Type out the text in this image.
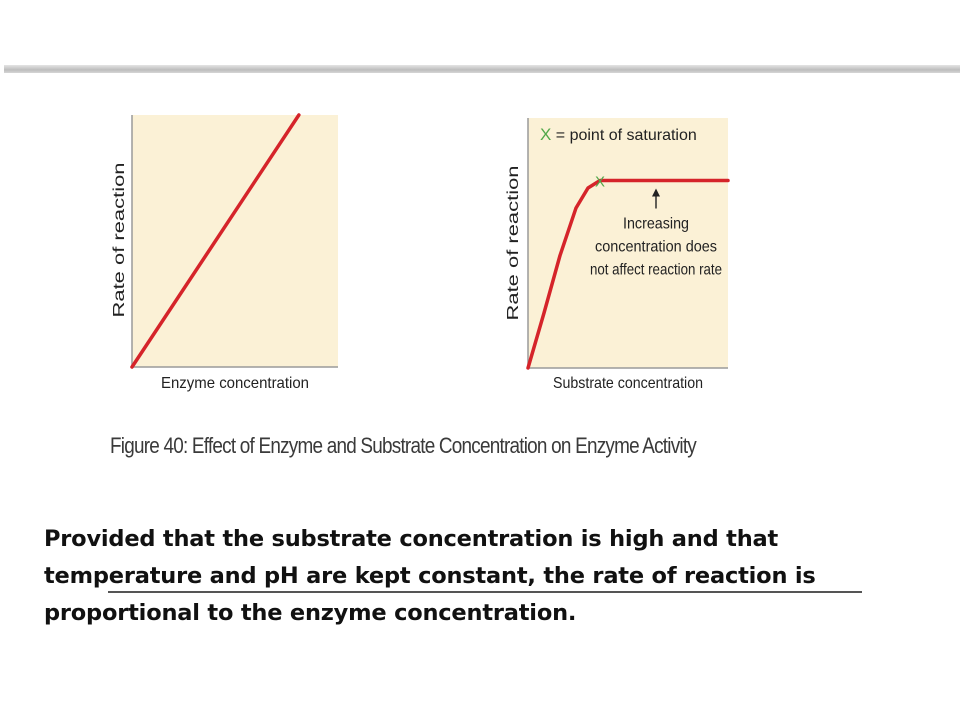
Enzyme concentration
Rate of reaction
Substrate concentration
Rate of reaction
X = point of saturation
X
Increasing
concentration does
not affect reaction rate
Figure 40: Effect of Enzyme and Substrate Concentration on Enzyme Activity
Provided that the substrate concentration is high and that temperature and pH are kept constant, the rate of reaction is proportional to the enzyme concentration.
